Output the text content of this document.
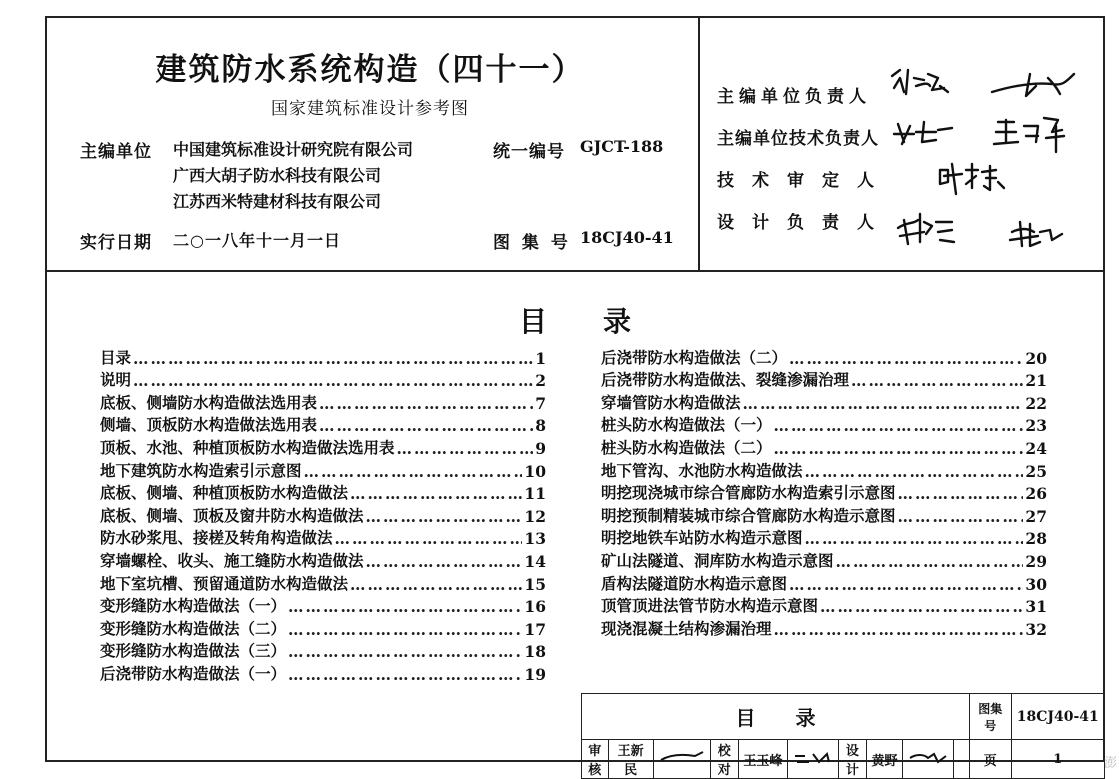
建筑防水系统构造（四十一）
国家建筑标准设计参考图
主编单位 中国建筑标准设计研究院有限公司
广西大胡子防水科技有限公司
江苏西米特建材科技有限公司
统一编号 GJCT-188
实行日期 二○一八年十一月一日	图 集 号 18CJ40-41
主编单位负责人
主编单位技术负责人
技术审定人
设计负责人
目　　录
目录 …………………………………………………………………………………………………………………………	1
说明 …………………………………………………………………………………………………………………………	2
底板、侧墙防水构造做法选用表 …………………………………………………………………………………………………………………………	7
侧墙、顶板防水构造做法选用表 …………………………………………………………………………………………………………………………	8
顶板、水池、种植顶板防水构造做法选用表 …………………………………………………………………………………………………………………………	9
地下建筑防水构造索引示意图 …………………………………………………………………………………………………………………………	10
底板、侧墙、种植顶板防水构造做法 …………………………………………………………………………………………………………………………	11
底板、侧墙、顶板及窗井防水构造做法 …………………………………………………………………………………………………………………………	12
防水砂浆甩、接槎及转角构造做法 …………………………………………………………………………………………………………………………	13
穿墙螺栓、收头、施工缝防水构造做法 …………………………………………………………………………………………………………………………	14
地下室坑槽、预留通道防水构造做法 …………………………………………………………………………………………………………………………	15
变形缝防水构造做法（一） …………………………………………………………………………………………………………………………	16
变形缝防水构造做法（二） …………………………………………………………………………………………………………………………	17
变形缝防水构造做法（三） …………………………………………………………………………………………………………………………	18
后浇带防水构造做法（一） …………………………………………………………………………………………………………………………	19
后浇带防水构造做法（二） …………………………………………………………………………………………………………………………	20
后浇带防水构造做法、裂缝渗漏治理 …………………………………………………………………………………………………………………………	21
穿墙管防水构造做法 …………………………………………………………………………………………………………………………	22
桩头防水构造做法（一） …………………………………………………………………………………………………………………………	23
桩头防水构造做法（二） …………………………………………………………………………………………………………………………	24
地下管沟、水池防水构造做法 …………………………………………………………………………………………………………………………	25
明挖现浇城市综合管廊防水构造索引示意图 …………………………………………………………………………………………………………………………	26
明挖预制精装城市综合管廊防水构造示意图 …………………………………………………………………………………………………………………………	27
明挖地铁车站防水构造示意图 …………………………………………………………………………………………………………………………	28
矿山法隧道、洞库防水构造示意图 …………………………………………………………………………………………………………………………	29
盾构法隧道防水构造示意图 …………………………………………………………………………………………………………………………	30
顶管顶进法管节防水构造示意图 …………………………………………………………………………………………………………………………	31
现浇混凝土结构渗漏治理 …………………………………………………………………………………………………………………………	32
目　　录										图集号	18CJ40-41
审核	王新民		校对	王玉峰		设计	黄野			页	1	澎
